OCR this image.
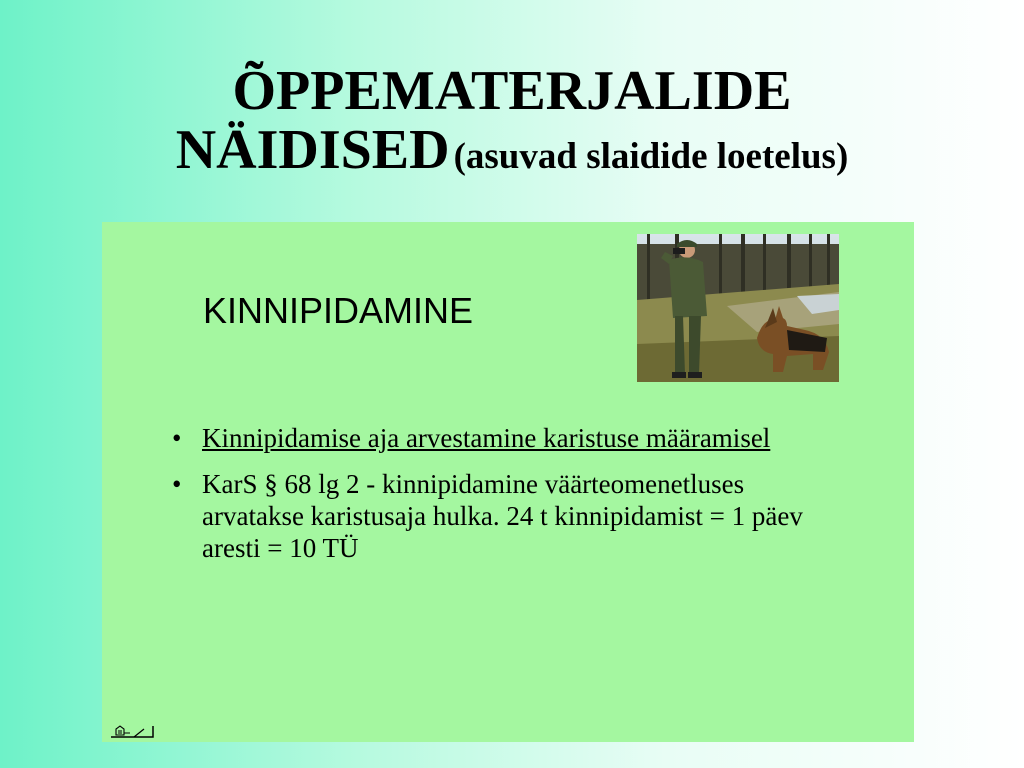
ÕPPEMATERJALIDE
NÄIDISED (asuvad slaidide loetelus)
KINNIPIDAMINE
• Kinnipidamise aja arvestamine karistuse määramisel
• KarS § 68 lg 2 - kinnipidamine väärteomenetluses arvatakse karistusaja hulka. 24 t kinnipidamist = 1 päev aresti = 10 TÜ
